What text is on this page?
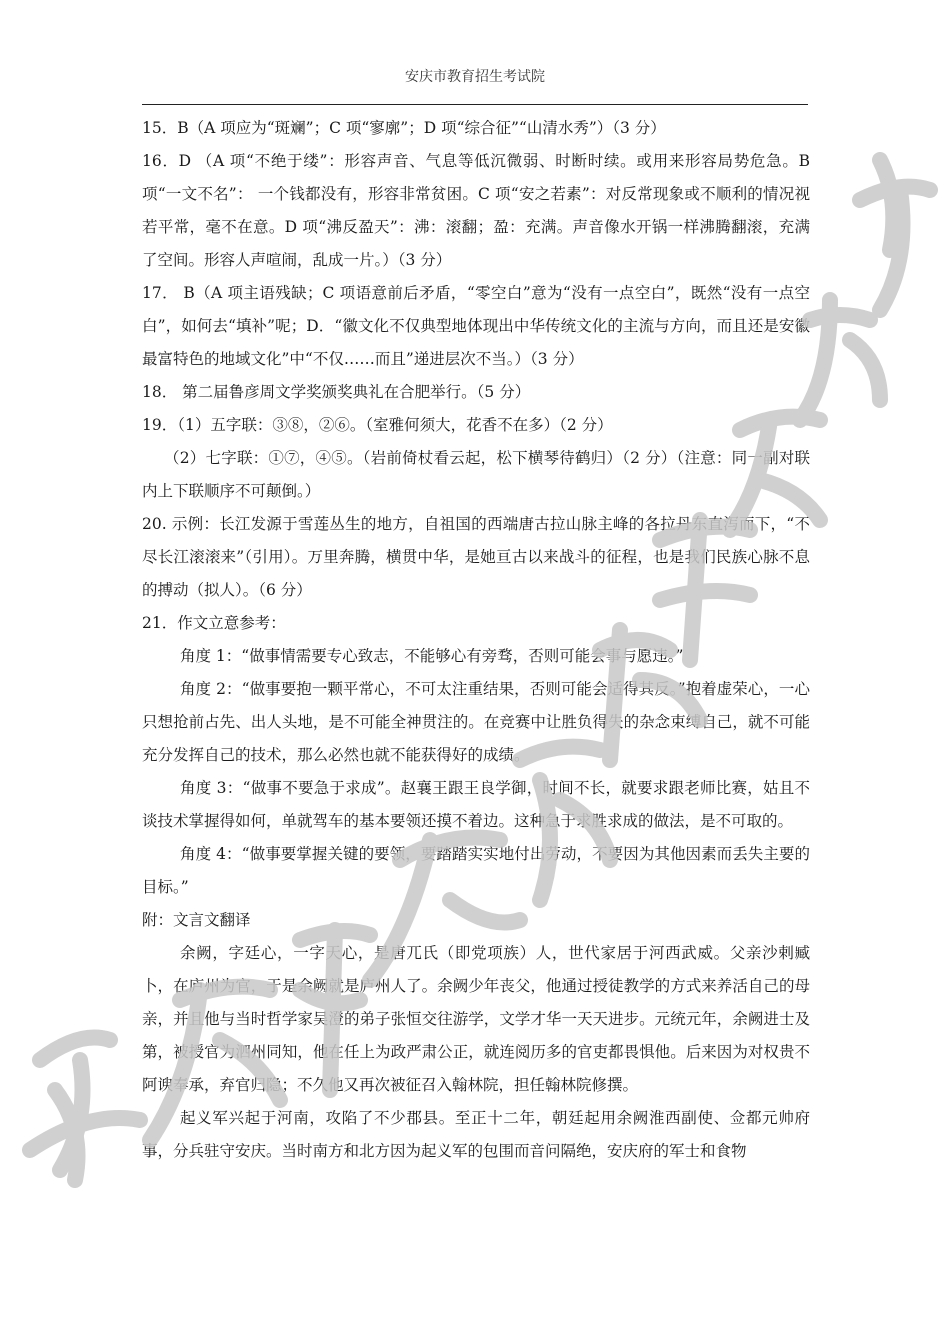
安庆市教育招生考试院

15．B（A 项应为“斑斓”；C 项“寥廓”；D 项“综合征”“山清水秀”）（3 分）

16．D （A 项“不绝于缕”：形容声音、气息等低沉微弱、时断时续。或用来形容局势危急。B 项“一文不名”： 一个钱都没有，形容非常贫困。C 项“安之若素”：对反常现象或不顺利的情况视若平常，毫不在意。D 项“沸反盈天”：沸：滚翻；盈：充满。声音像水开锅一样沸腾翻滚，充满了空间。形容人声喧闹，乱成一片。）（3 分）

17． B（A 项主语残缺；C 项语意前后矛盾，“零空白”意为“没有一点空白”，既然“没有一点空白”，如何去“填补”呢；D．“徽文化不仅典型地体现出中华传统文化的主流与方向，而且还是安徽最富特色的地域文化”中“不仅……而且”递进层次不当。）（3 分）

18． 第二届鲁彦周文学奖颁奖典礼在合肥举行。（5 分）

19．（1）五字联：③⑧，②⑥。（室雅何须大，花香不在多）（2 分）

（2）七字联：①⑦，④⑤。（岩前倚杖看云起，松下横琴待鹤归）（2 分）（注意：同一副对联内上下联顺序不可颠倒。）

20. 示例：长江发源于雪莲丛生的地方，自祖国的西端唐古拉山脉主峰的各拉丹东直泻而下，“不尽长江滚滚来”（引用）。万里奔腾，横贯中华，是她亘古以来战斗的征程，也是我们民族心脉不息的搏动（拟人）。（6 分）

21．作文立意参考：

角度 1：“做事情需要专心致志，不能够心有旁骛，否则可能会事与愿违。”

角度 2：“做事要抱一颗平常心，不可太注重结果，否则可能会适得其反。”抱着虚荣心，一心只想抢前占先、出人头地，是不可能全神贯注的。在竞赛中让胜负得失的杂念束缚自己，就不可能充分发挥自己的技术，那么必然也就不能获得好的成绩。

角度 3：“做事不要急于求成”。赵襄王跟王良学御，时间不长，就要求跟老师比赛，姑且不谈技术掌握得如何，单就驾车的基本要领还摸不着边。这种急于求胜求成的做法，是不可取的。

角度 4：“做事要掌握关键的要领，要踏踏实实地付出劳动，不要因为其他因素而丢失主要的目标。”

附：文言文翻译

余阙，字廷心，一字天心，是唐兀氏（即党项族）人，世代家居于河西武威。父亲沙剌臧卜，在庐州为官，于是余阙就是庐州人了。余阙少年丧父，他通过授徒教学的方式来养活自己的母亲，并且他与当时哲学家吴澄的弟子张恒交往游学，文学才华一天天进步。元统元年，余阙进士及第，被授官为泗州同知，他在任上为政严肃公正，就连阅历多的官吏都畏惧他。后来因为对权贵不阿谀奉承，弃官归隐；不久他又再次被征召入翰林院，担任翰林院修撰。

起义军兴起于河南，攻陷了不少郡县。至正十二年，朝廷起用余阙淮西副使、佥都元帅府事，分兵驻守安庆。当时南方和北方因为起义军的包围而音问隔绝，安庆府的军士和食物
